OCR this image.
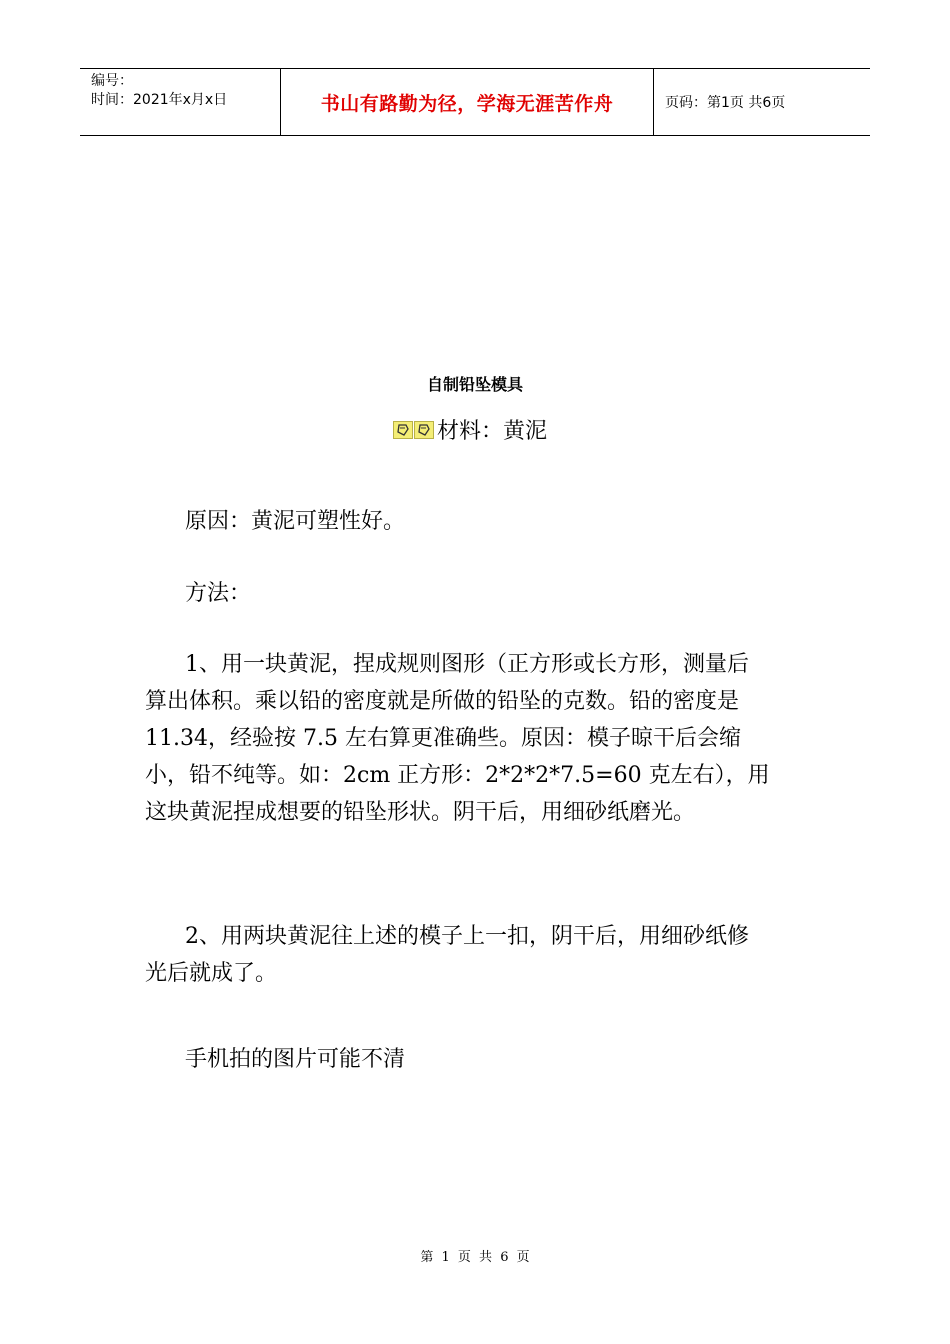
编号：
时间：2021年x月x日	书山有路勤为径，学海无涯苦作舟	页码：第1页 共6页
自制铅坠模具
材料：黄泥
原因：黄泥可塑性好。
方法：
1、用一块黄泥，捏成规则图形（正方形或长方形，测量后
算出体积。乘以铅的密度就是所做的铅坠的克数。铅的密度是
11.34，经验按 7.5 左右算更准确些。原因：模子晾干后会缩
小，铅不纯等。如：2cm 正方形：2*2*2*7.5=60 克左右），用
这块黄泥捏成想要的铅坠形状。阴干后，用细砂纸磨光。
2、用两块黄泥往上述的模子上一扣，阴干后，用细砂纸修
光后就成了。
手机拍的图片可能不清
第 1 页 共 6 页
